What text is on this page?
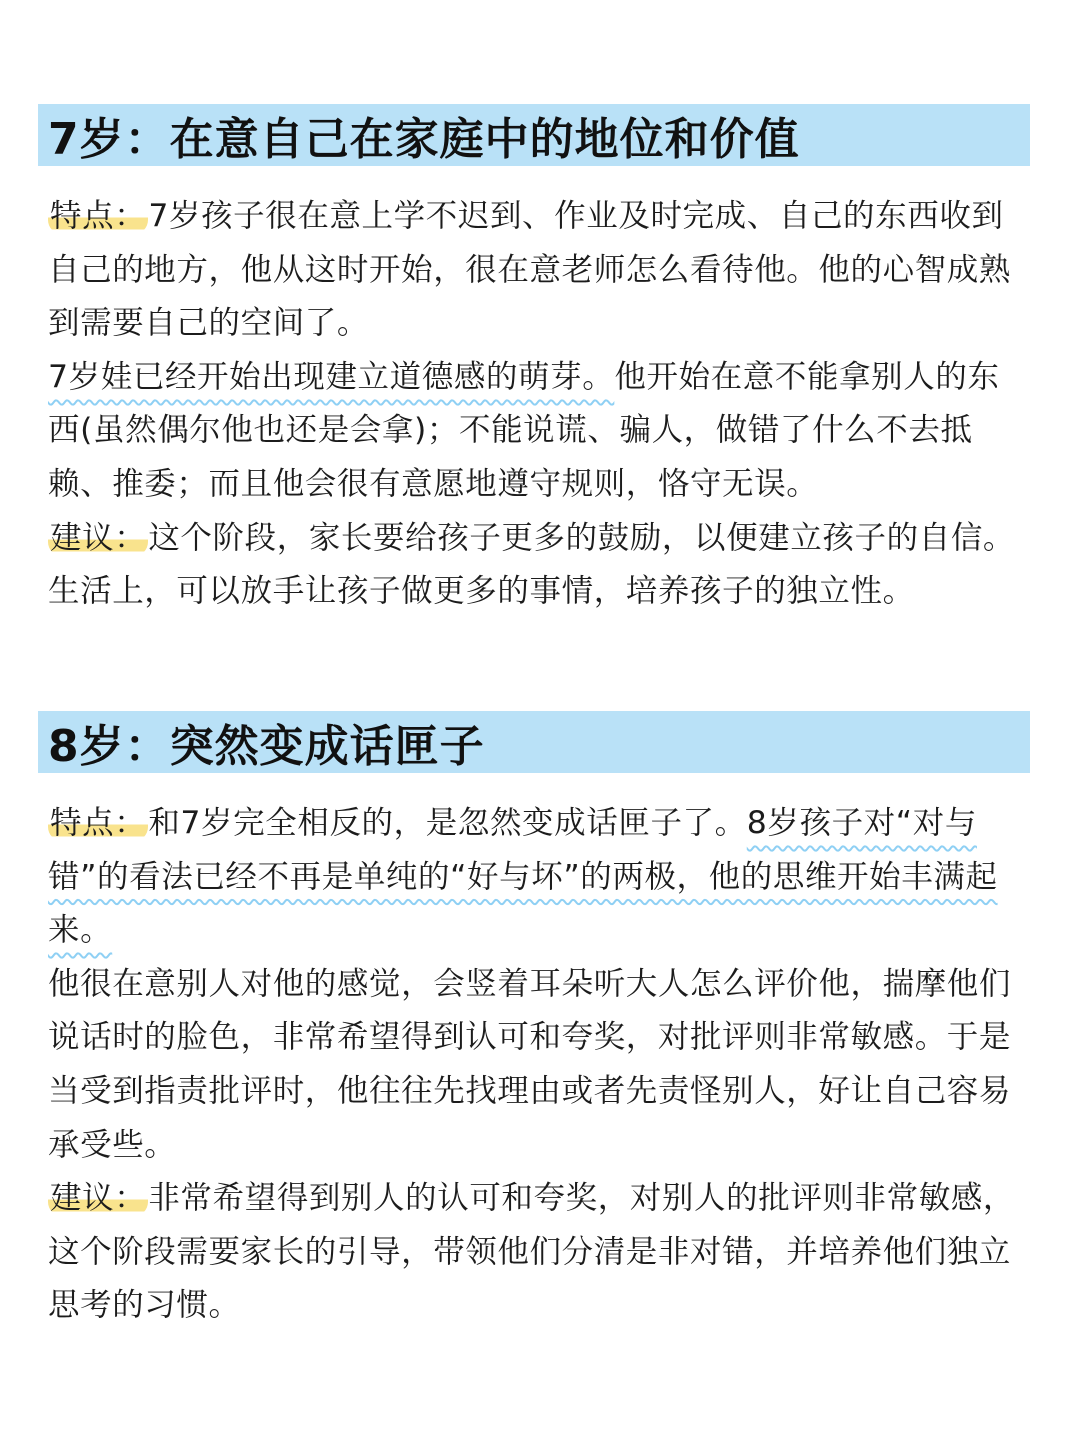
7岁：在意自己在家庭中的地位和价值

特点：7岁孩子很在意上学不迟到、作业及时完成、自己的东西收到自己的地方，他从这时开始，很在意老师怎么看待他。他的心智成熟到需要自己的空间了。

7岁娃已经开始出现建立道德感的萌芽。他开始在意不能拿别人的东西(虽然偶尔他也还是会拿)；不能说谎、骗人，做错了什么不去抵赖、推委；而且他会很有意愿地遵守规则，恪守无误。

建议：这个阶段，家长要给孩子更多的鼓励，以便建立孩子的自信。生活上，可以放手让孩子做更多的事情，培养孩子的独立性。

8岁：突然变成话匣子

特点：和7岁完全相反的，是忽然变成话匣子了。8岁孩子对“对与错”的看法已经不再是单纯的“好与坏”的两极，他的思维开始丰满起来。

他很在意别人对他的感觉，会竖着耳朵听大人怎么评价他，揣摩他们说话时的脸色，非常希望得到认可和夸奖，对批评则非常敏感。于是当受到指责批评时，他往往先找理由或者先责怪别人，好让自己容易承受些。

建议：非常希望得到别人的认可和夸奖，对别人的批评则非常敏感，这个阶段需要家长的引导，带领他们分清是非对错，并培养他们独立思考的习惯。
